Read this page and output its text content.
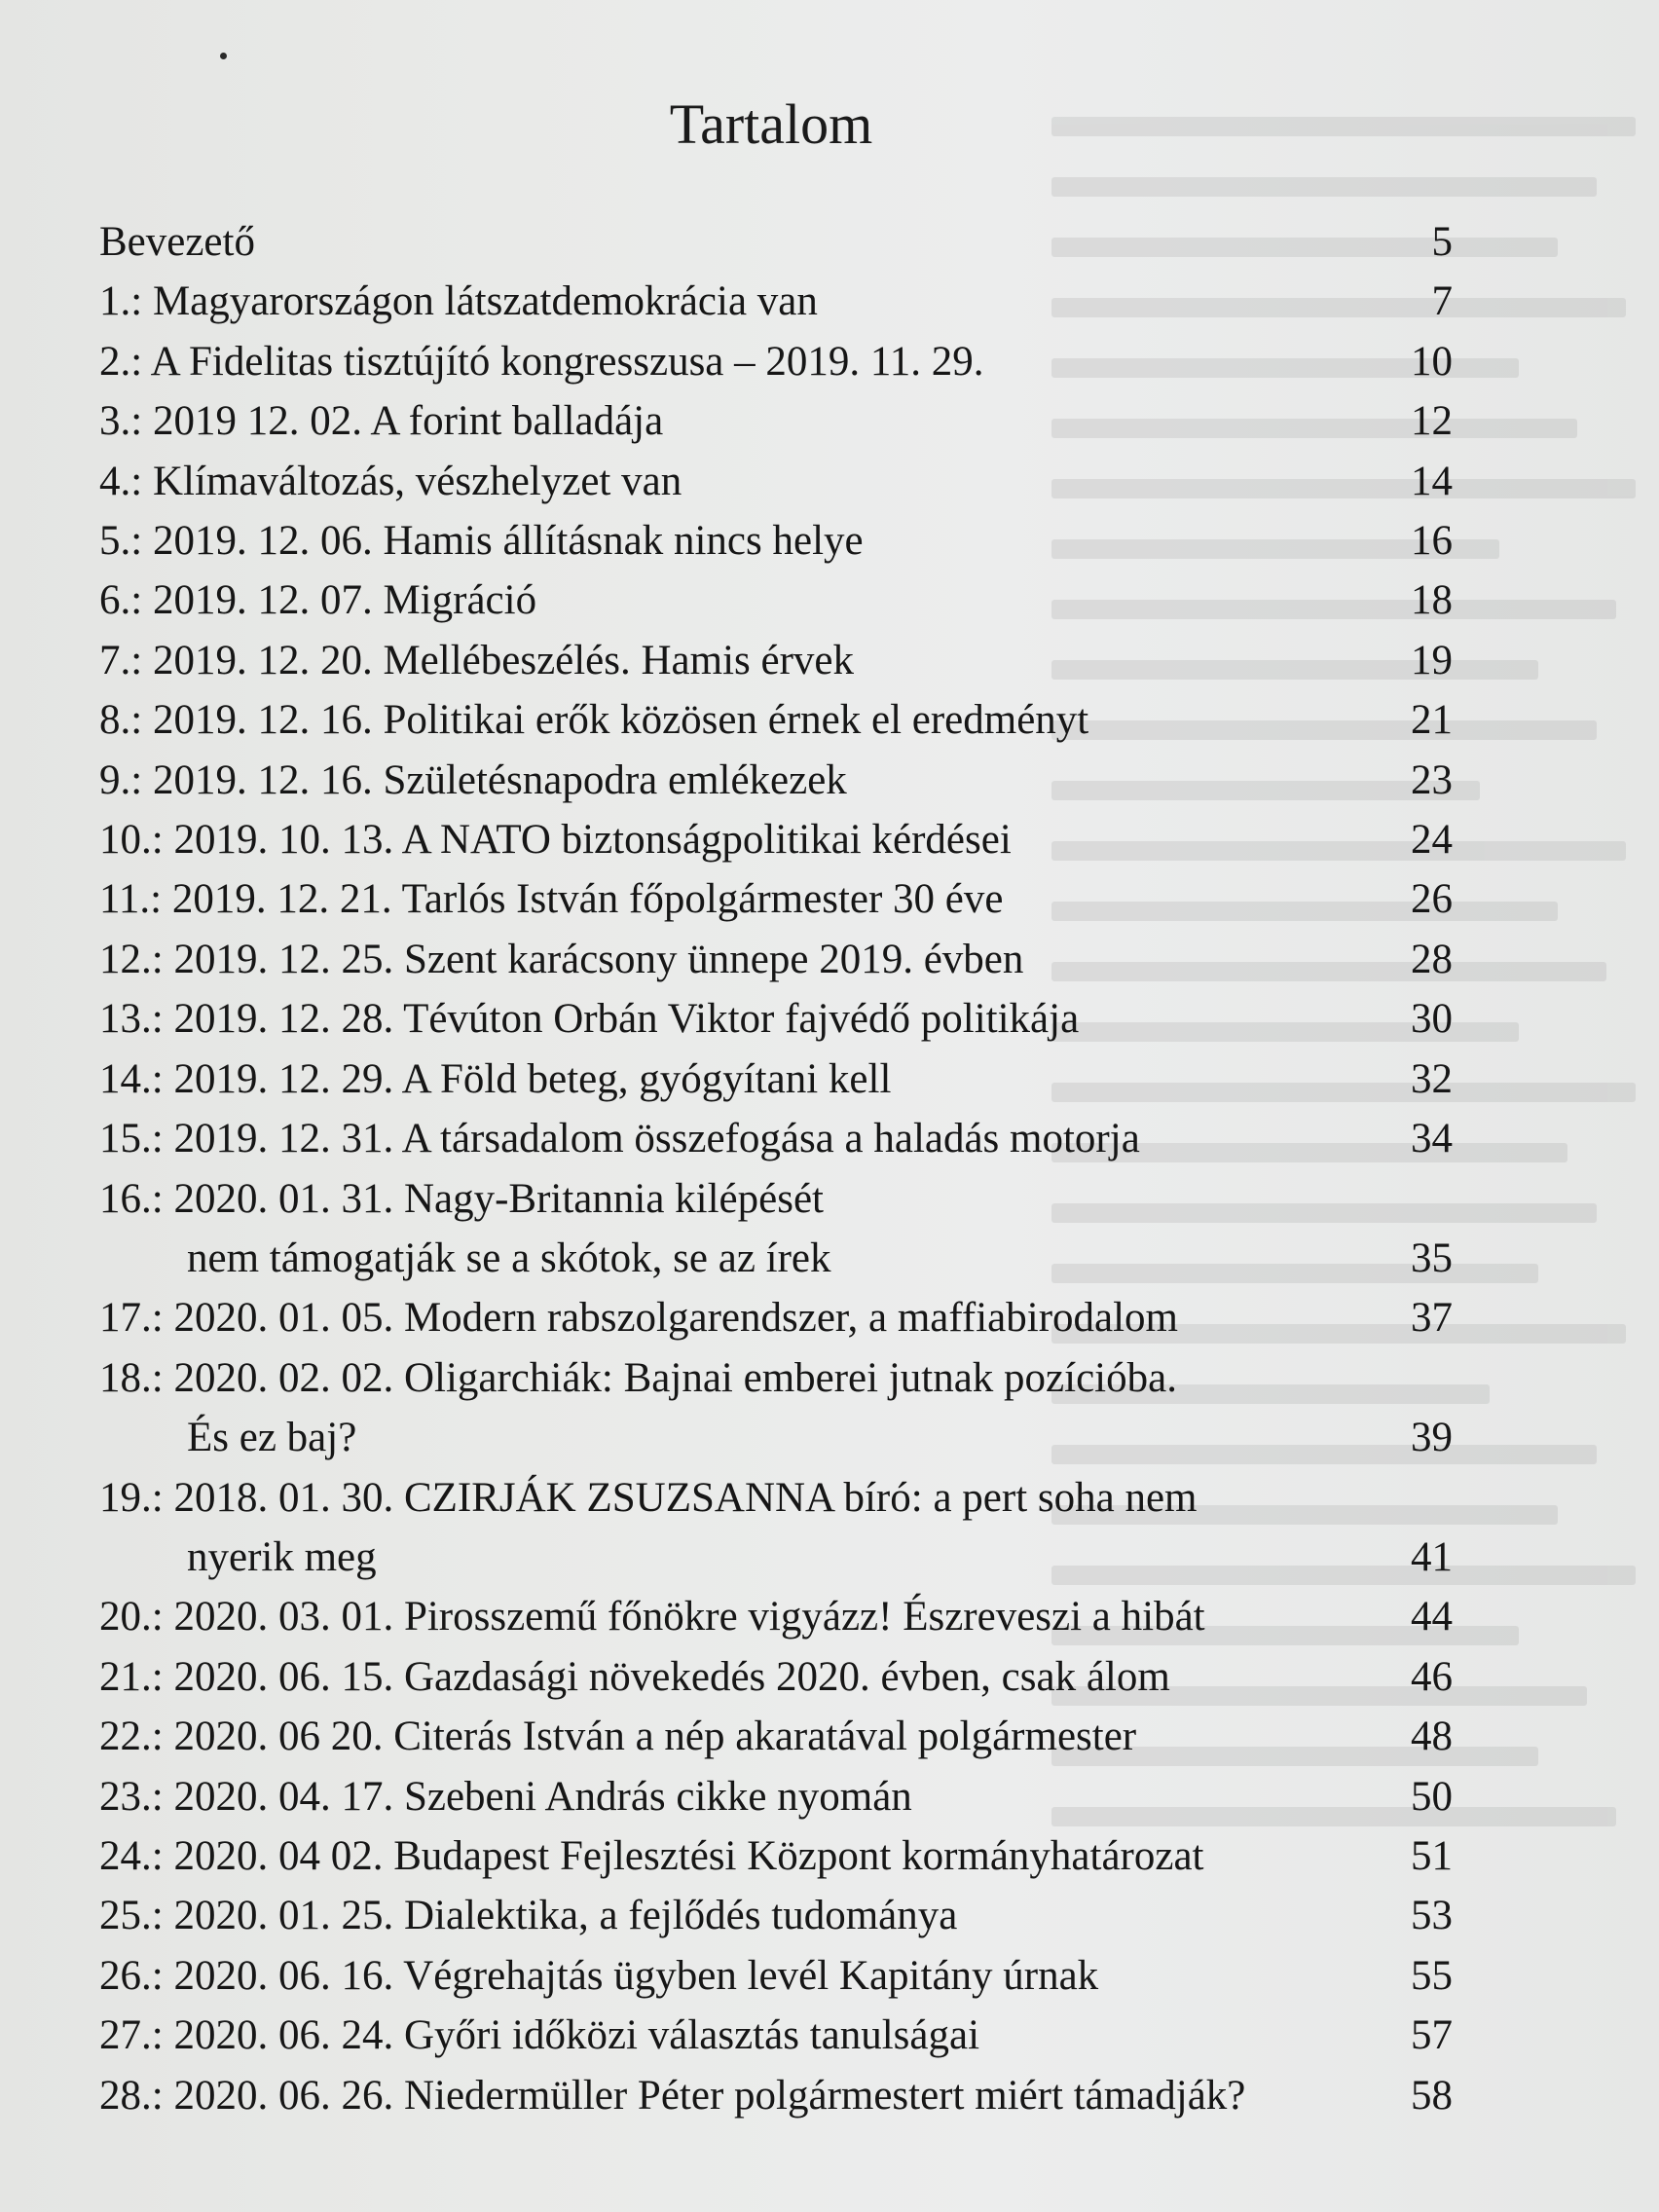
Tartalom
Bevezető	5
1.: Magyarországon látszatdemokrácia van	7
2.: A Fidelitas tisztújító kongresszusa – 2019. 11. 29.	10
3.: 2019 12. 02. A forint balladája	12
4.: Klímaváltozás, vészhelyzet van	14
5.: 2019. 12. 06. Hamis állításnak nincs helye	16
6.: 2019. 12. 07. Migráció	18
7.: 2019. 12. 20. Mellébeszélés. Hamis érvek	19
8.: 2019. 12. 16. Politikai erők közösen érnek el eredményt	21
9.: 2019. 12. 16. Születésnapodra emlékezek	23
10.: 2019. 10. 13. A NATO biztonságpolitikai kérdései	24
11.: 2019. 12. 21. Tarlós István főpolgármester 30 éve	26
12.: 2019. 12. 25. Szent karácsony ünnepe 2019. évben	28
13.: 2019. 12. 28. Tévúton Orbán Viktor fajvédő politikája	30
14.: 2019. 12. 29. A Föld beteg, gyógyítani kell	32
15.: 2019. 12. 31. A társadalom összefogása a haladás motorja	34
16.: 2020. 01. 31. Nagy-Britannia kilépését
nem támogatják se a skótok, se az írek	35
17.: 2020. 01. 05. Modern rabszolgarendszer, a maffiabirodalom	37
18.: 2020. 02. 02. Oligarchiák: Bajnai emberei jutnak pozícióba.
És ez baj?	39
19.: 2018. 01. 30. CZIRJÁK ZSUZSANNA bíró: a pert soha nem
nyerik meg	41
20.: 2020. 03. 01. Pirosszemű főnökre vigyázz! Észreveszi a hibát	44
21.: 2020. 06. 15. Gazdasági növekedés 2020. évben, csak álom	46
22.: 2020. 06 20. Citerás István a nép akaratával polgármester	48
23.: 2020. 04. 17. Szebeni András cikke nyomán	50
24.: 2020. 04 02. Budapest Fejlesztési Központ kormányhatározat	51
25.: 2020. 01. 25. Dialektika, a fejlődés tudománya	53
26.: 2020. 06. 16. Végrehajtás ügyben levél Kapitány úrnak	55
27.: 2020. 06. 24. Győri időközi választás tanulságai	57
28.: 2020. 06. 26. Niedermüller Péter polgármestert miért támadják?	58
